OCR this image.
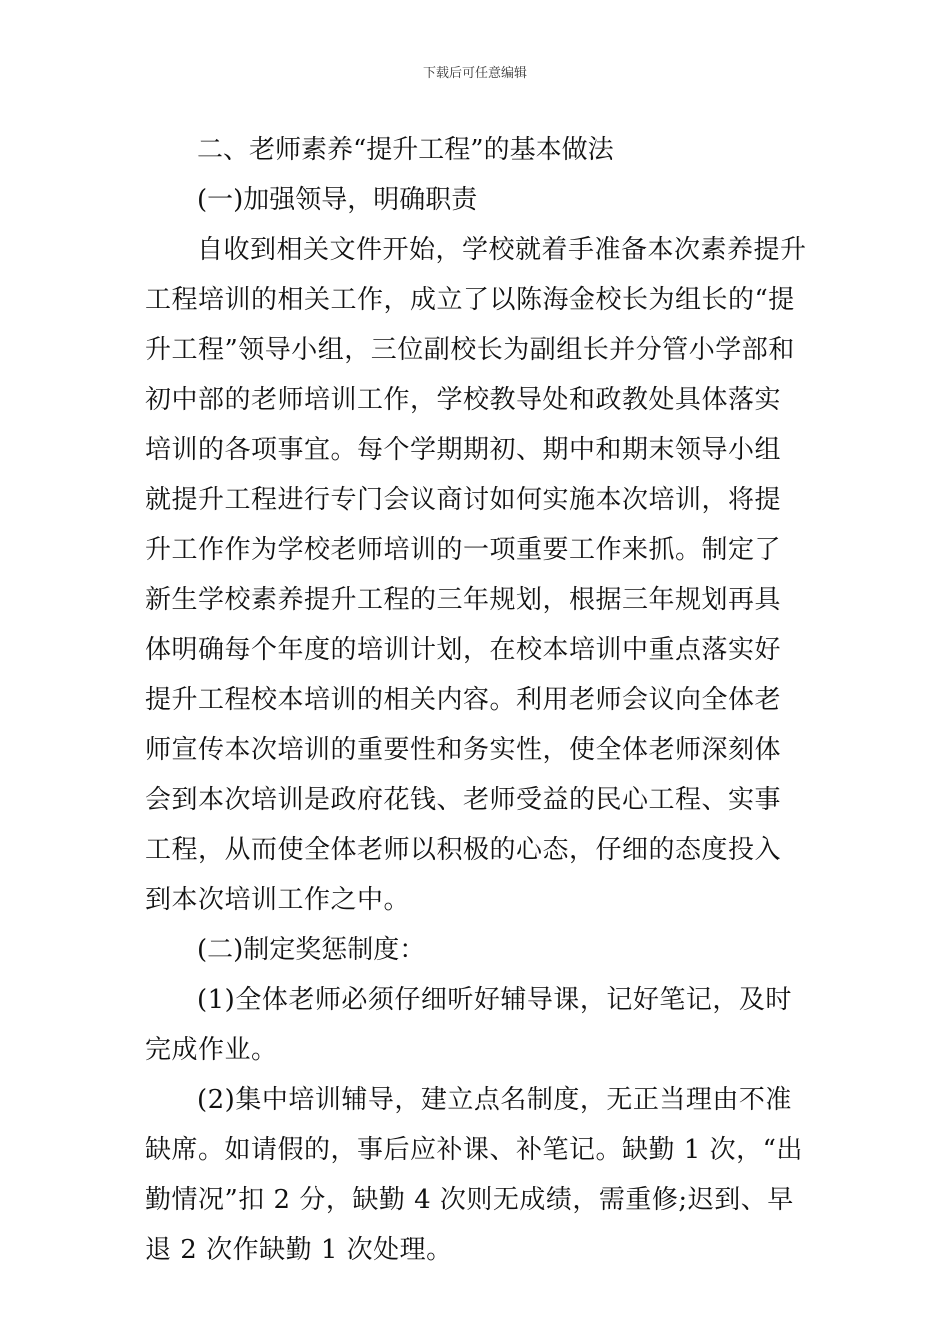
下载后可任意编辑

二、老师素养“提升工程”的基本做法

(一)加强领导，明确职责

自收到相关文件开始，学校就着手准备本次素养提升工程培训的相关工作，成立了以陈海金校长为组长的“提升工程”领导小组，三位副校长为副组长并分管小学部和初中部的老师培训工作，学校教导处和政教处具体落实培训的各项事宜。每个学期期初、期中和期末领导小组就提升工程进行专门会议商讨如何实施本次培训，将提升工作作为学校老师培训的一项重要工作来抓。制定了新生学校素养提升工程的三年规划，根据三年规划再具体明确每个年度的培训计划，在校本培训中重点落实好提升工程校本培训的相关内容。利用老师会议向全体老师宣传本次培训的重要性和务实性，使全体老师深刻体会到本次培训是政府花钱、老师受益的民心工程、实事工程，从而使全体老师以积极的心态，仔细的态度投入到本次培训工作之中。

(二)制定奖惩制度：

(1)全体老师必须仔细听好辅导课，记好笔记，及时完成作业。

(2)集中培训辅导，建立点名制度，无正当理由不准缺席。如请假的，事后应补课、补笔记。缺勤 1 次，“出勤情况”扣 2 分，缺勤 4 次则无成绩，需重修;迟到、早退 2 次作缺勤 1 次处理。
